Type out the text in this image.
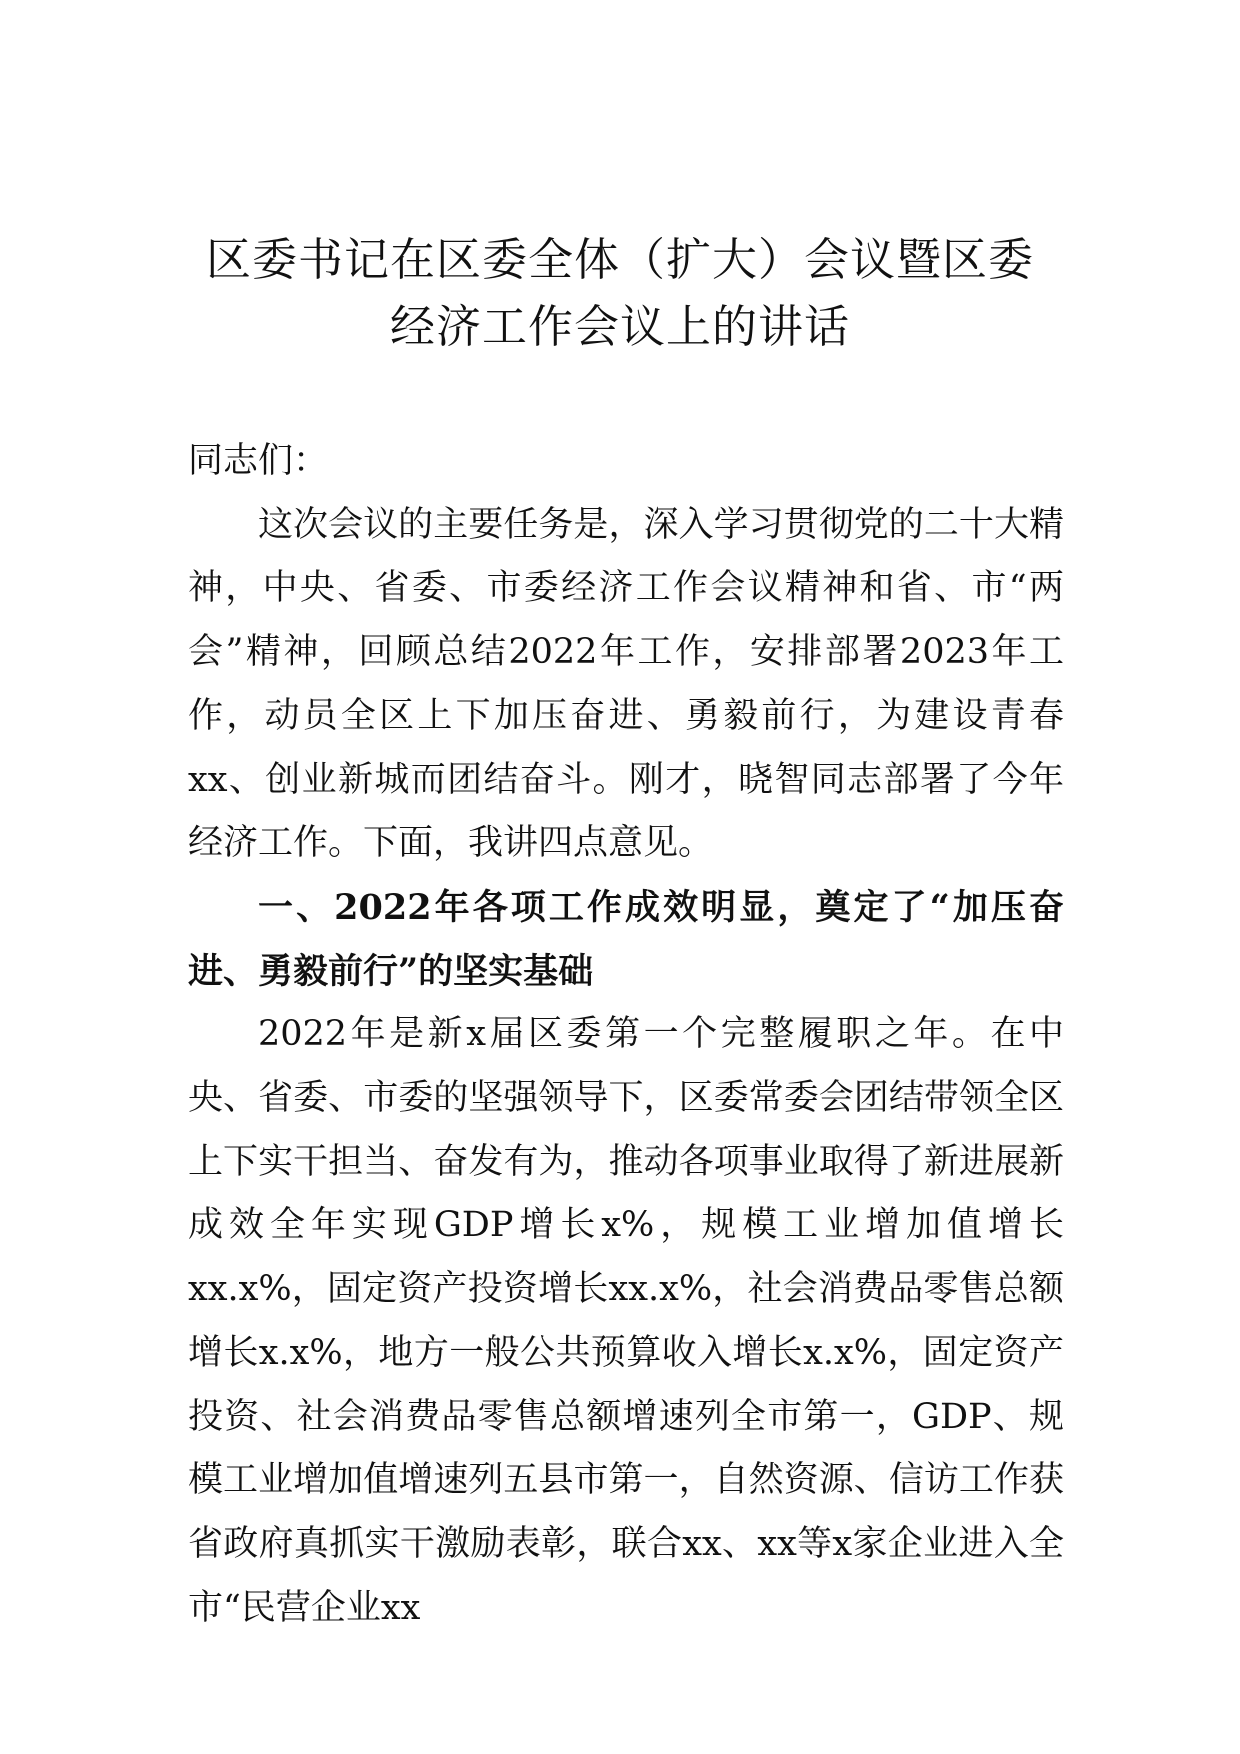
区委书记在区委全体（扩大）会议暨区委
经济工作会议上的讲话

同志们：

这次会议的主要任务是，深入学习贯彻党的二十大精神，中央、省委、市委经济工作会议精神和省、市“两会”精神，回顾总结2022年工作，安排部署2023年工作，动员全区上下加压奋进、勇毅前行，为建设青春xx、创业新城而团结奋斗。刚才，晓智同志部署了今年经济工作。下面，我讲四点意见。

一、2022年各项工作成效明显，奠定了“加压奋进、勇毅前行”的坚实基础

2022年是新x届区委第一个完整履职之年。在中央、省委、市委的坚强领导下，区委常委会团结带领全区上下实干担当、奋发有为，推动各项事业取得了新进展新成效全年实现GDP增长x%，规模工业增加值增长xx.x%，固定资产投资增长xx.x%，社会消费品零售总额增长x.x%，地方一般公共预算收入增长x.x%，固定资产投资、社会消费品零售总额增速列全市第一，GDP、规模工业增加值增速列五县市第一，自然资源、信访工作获省政府真抓实干激励表彰，联合xx、xx等x家企业进入全市“民营企业xx
